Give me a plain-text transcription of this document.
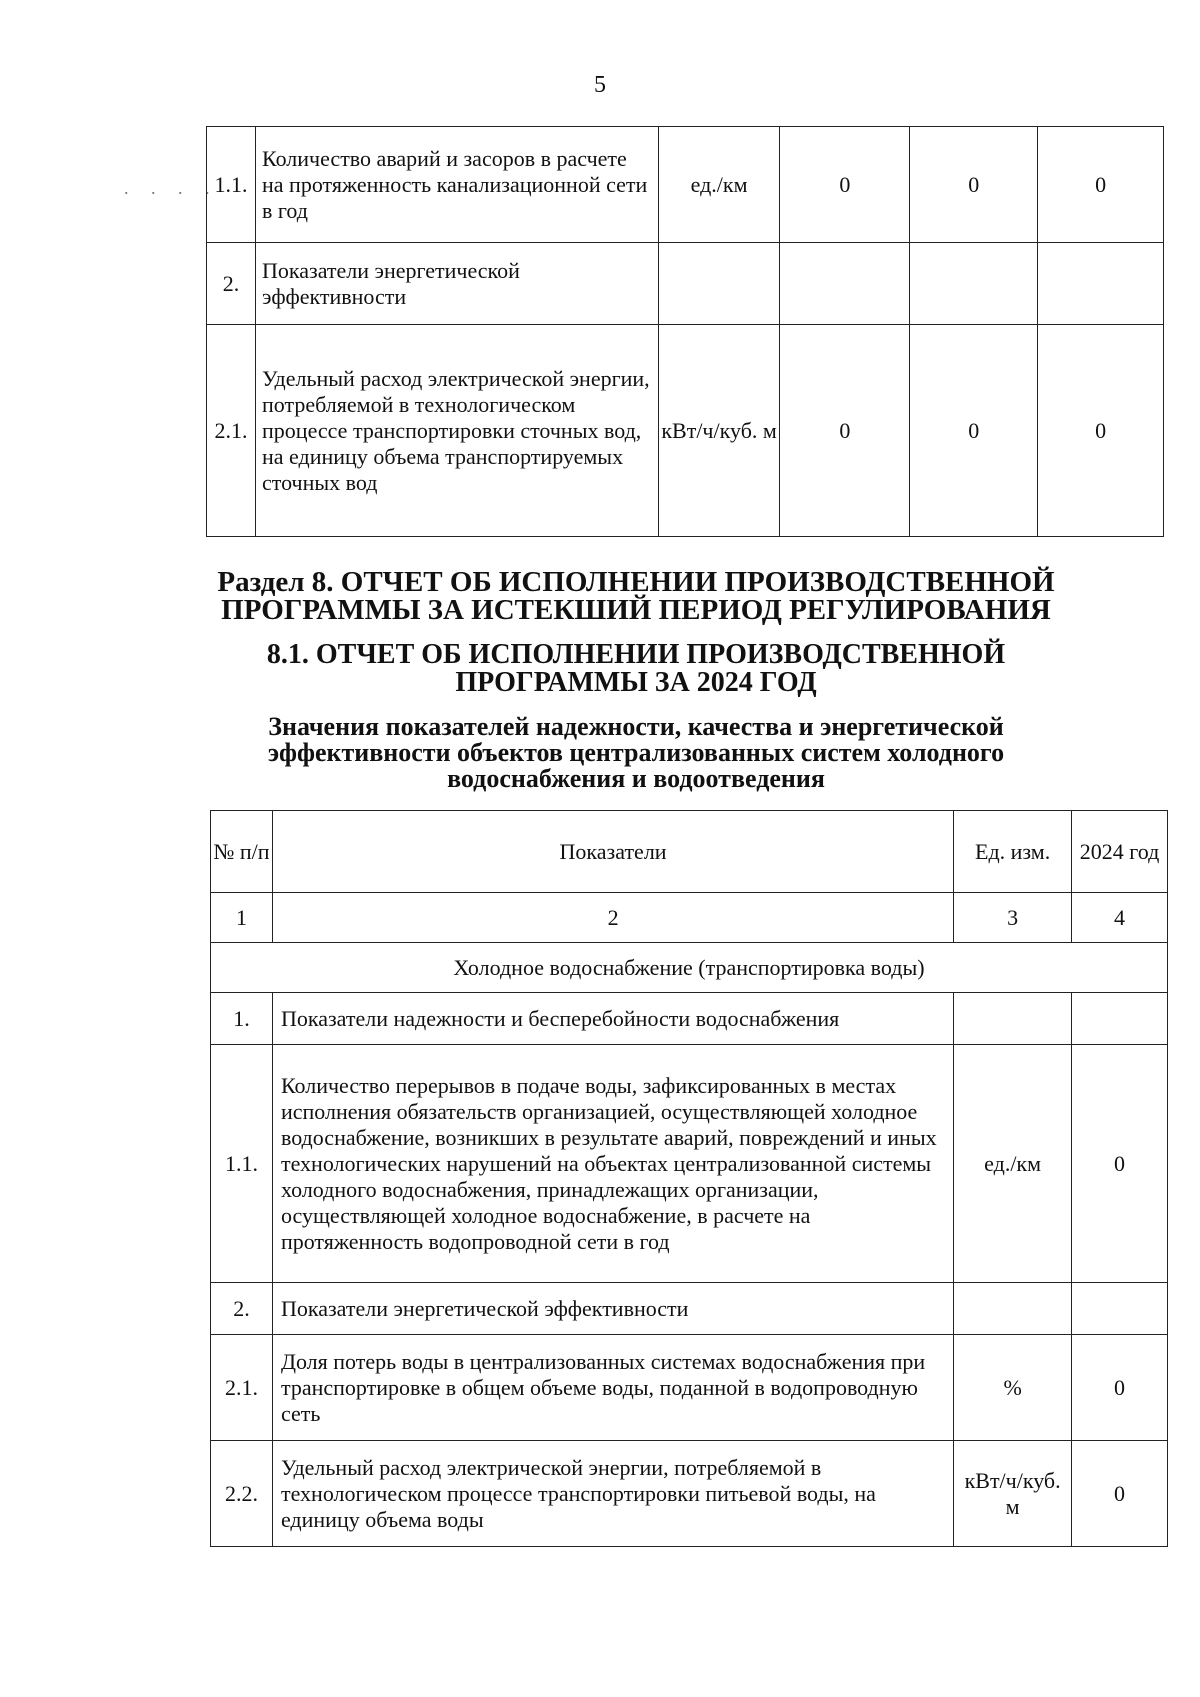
5
. . . .
1.1.	Количество аварий и засоров в расчете на протяженность канализационной сети в год	ед./км	0	0	0
2.	Показатели энергетической эффективности				
2.1.	Удельный расход электрической энергии, потребляемой в технологическом процессе транспортировки сточных вод, на единицу объема транспортируемых сточных вод	кВт/ч/куб. м	0	0	0
Раздел 8. ОТЧЕТ ОБ ИСПОЛНЕНИИ ПРОИЗВОДСТВЕННОЙ
ПРОГРАММЫ ЗА ИСТЕКШИЙ ПЕРИОД РЕГУЛИРОВАНИЯ
8.1. ОТЧЕТ ОБ ИСПОЛНЕНИИ ПРОИЗВОДСТВЕННОЙ
ПРОГРАММЫ ЗА 2024 ГОД
Значения показателей надежности, качества и энергетической
эффективности объектов централизованных систем холодного
водоснабжения и водоотведения
№ п/п	Показатели	Ед. изм.	2024 год
1	2	3	4
Холодное водоснабжение (транспортировка воды)			
1.	Показатели надежности и бесперебойности водоснабжения		
1.1.	Количество перерывов в подаче воды, зафиксированных в местах исполнения обязательств организацией, осуществляющей холодное водоснабжение, возникших в результате аварий, повреждений и иных технологических нарушений на объектах централизованной системы холодного водоснабжения, принадлежащих организации, осуществляющей холодное водоснабжение, в расчете на протяженность водопроводной сети в год	ед./км	0
2.	Показатели энергетической эффективности		
2.1.	Доля потерь воды в централизованных системах водоснабжения при транспортировке в общем объеме воды, поданной в водопроводную сеть	%	0
2.2.	Удельный расход электрической энергии, потребляемой в технологическом процессе транспортировки питьевой воды, на единицу объема воды	кВт/ч/куб. м	0
